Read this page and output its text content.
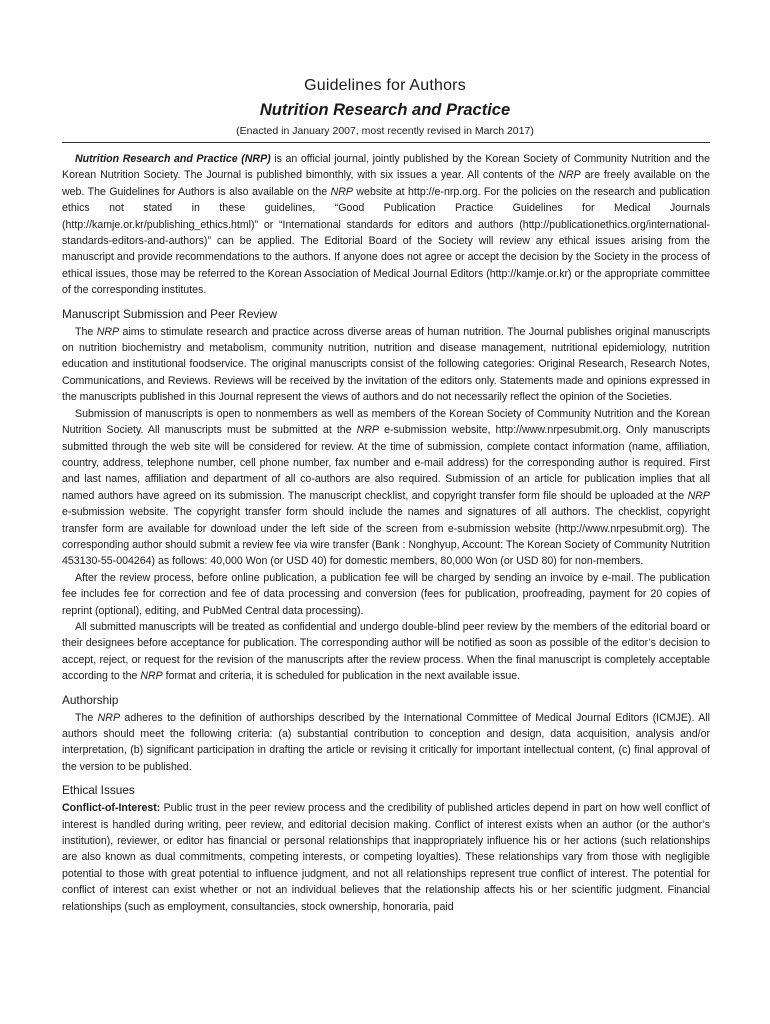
Guidelines for Authors

Nutrition Research and Practice

(Enacted in January 2007, most recently revised in March 2017)

Nutrition Research and Practice (NRP) is an official journal, jointly published by the Korean Society of Community Nutrition and the Korean Nutrition Society. The Journal is published bimonthly, with six issues a year. All contents of the NRP are freely available on the web. The Guidelines for Authors is also available on the NRP website at http://e-nrp.org. For the policies on the research and publication ethics not stated in these guidelines, “Good Publication Practice Guidelines for Medical Journals (http://kamje.or.kr/publishing_ethics.html)” or “International standards for editors and authors (http://publicationethics.org/international-standards-editors-and-authors)” can be applied. The Editorial Board of the Society will review any ethical issues arising from the manuscript and provide recommendations to the authors. If anyone does not agree or accept the decision by the Society in the process of ethical issues, those may be referred to the Korean Association of Medical Journal Editors (http://kamje.or.kr) or the appropriate committee of the corresponding institutes.

Manuscript Submission and Peer Review

The NRP aims to stimulate research and practice across diverse areas of human nutrition. The Journal publishes original manuscripts on nutrition biochemistry and metabolism, community nutrition, nutrition and disease management, nutritional epidemiology, nutrition education and institutional foodservice. The original manuscripts consist of the following categories: Original Research, Research Notes, Communications, and Reviews. Reviews will be received by the invitation of the editors only. Statements made and opinions expressed in the manuscripts published in this Journal represent the views of authors and do not necessarily reflect the opinion of the Societies.

Submission of manuscripts is open to nonmembers as well as members of the Korean Society of Community Nutrition and the Korean Nutrition Society. All manuscripts must be submitted at the NRP e-submission website, http://www.nrpesubmit.org. Only manuscripts submitted through the web site will be considered for review. At the time of submission, complete contact information (name, affiliation, country, address, telephone number, cell phone number, fax number and e-mail address) for the corresponding author is required. First and last names, affiliation and department of all co-authors are also required. Submission of an article for publication implies that all named authors have agreed on its submission. The manuscript checklist, and copyright transfer form file should be uploaded at the NRP e-submission website. The copyright transfer form should include the names and signatures of all authors. The checklist, copyright transfer form are available for download under the left side of the screen from e-submission website (http://www.nrpesubmit.org). The corresponding author should submit a review fee via wire transfer (Bank : Nonghyup, Account: The Korean Society of Community Nutrition 453130-55-004264) as follows: 40,000 Won (or USD 40) for domestic members, 80,000 Won (or USD 80) for non-members.

After the review process, before online publication, a publication fee will be charged by sending an invoice by e-mail. The publication fee includes fee for correction and fee of data processing and conversion (fees for publication, proofreading, payment for 20 copies of reprint (optional), editing, and PubMed Central data processing).

All submitted manuscripts will be treated as confidential and undergo double-blind peer review by the members of the editorial board or their designees before acceptance for publication. The corresponding author will be notified as soon as possible of the editor’s decision to accept, reject, or request for the revision of the manuscripts after the review process. When the final manuscript is completely acceptable according to the NRP format and criteria, it is scheduled for publication in the next available issue.

Authorship

The NRP adheres to the definition of authorships described by the International Committee of Medical Journal Editors (ICMJE). All authors should meet the following criteria: (a) substantial contribution to conception and design, data acquisition, analysis and/or interpretation, (b) significant participation in drafting the article or revising it critically for important intellectual content, (c) final approval of the version to be published.

Ethical Issues

Conflict-of-Interest: Public trust in the peer review process and the credibility of published articles depend in part on how well conflict of interest is handled during writing, peer review, and editorial decision making. Conflict of interest exists when an author (or the author’s institution), reviewer, or editor has financial or personal relationships that inappropriately influence his or her actions (such relationships are also known as dual commitments, competing interests, or competing loyalties). These relationships vary from those with negligible potential to those with great potential to influence judgment, and not all relationships represent true conflict of interest. The potential for conflict of interest can exist whether or not an individual believes that the relationship affects his or her scientific judgment. Financial relationships (such as employment, consultancies, stock ownership, honoraria, paid
